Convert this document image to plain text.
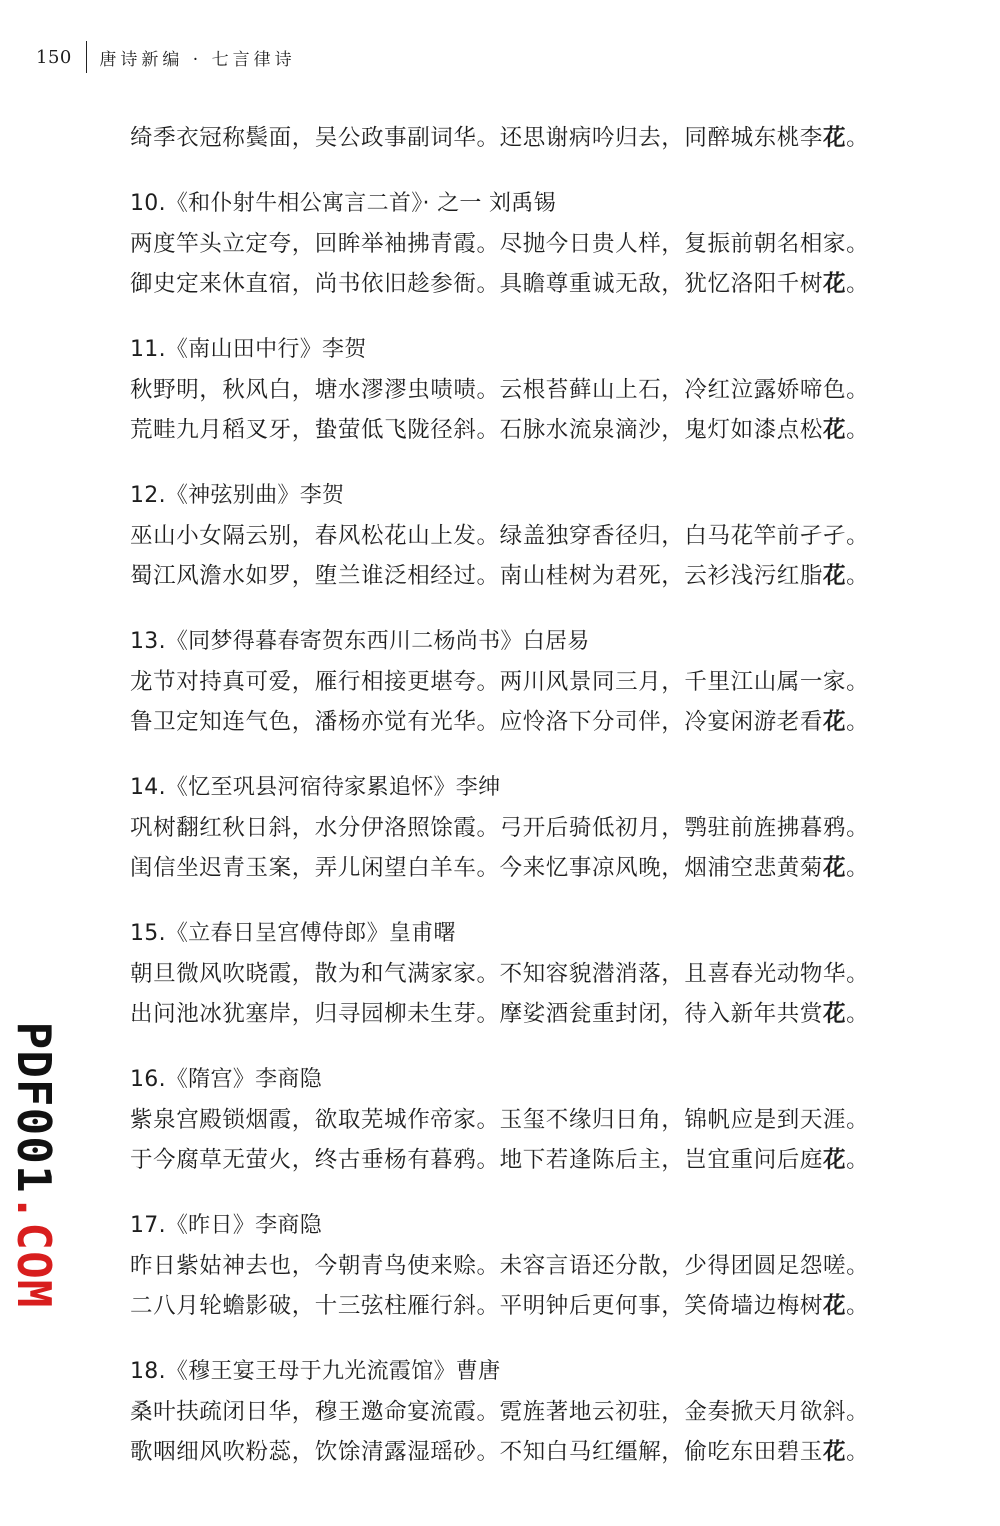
150 唐诗新编 · 七言律诗
绮季衣冠称鬓面，吴公政事副词华。还思谢病吟归去，同醉城东桃李花。
10.《和仆射牛相公寓言二首》· 之一 刘禹锡
两度竿头立定夸，回眸举袖拂青霞。尽抛今日贵人样，复振前朝名相家。
御史定来休直宿，尚书依旧趁参衙。具瞻尊重诚无敌，犹忆洛阳千树花。
11.《南山田中行》李贺
秋野明，秋风白，塘水漻漻虫啧啧。云根苔藓山上石，冷红泣露娇啼色。
荒畦九月稻叉牙，蛰萤低飞陇径斜。石脉水流泉滴沙，鬼灯如漆点松花。
12.《神弦别曲》李贺
巫山小女隔云别，春风松花山上发。绿盖独穿香径归，白马花竿前孑孑。
蜀江风澹水如罗，堕兰谁泛相经过。南山桂树为君死，云衫浅污红脂花。
13.《同梦得暮春寄贺东西川二杨尚书》白居易
龙节对持真可爱，雁行相接更堪夸。两川风景同三月，千里江山属一家。
鲁卫定知连气色，潘杨亦觉有光华。应怜洛下分司伴，冷宴闲游老看花。
14.《忆至巩县河宿待家累追怀》李绅
巩树翻红秋日斜，水分伊洛照馀霞。弓开后骑低初月，鹗驻前旌拂暮鸦。
闺信坐迟青玉案，弄儿闲望白羊车。今来忆事凉风晚，烟浦空悲黄菊花。
15.《立春日呈宫傅侍郎》皇甫曙
朝旦微风吹晓霞，散为和气满家家。不知容貌潜消落，且喜春光动物华。
出问池冰犹塞岸，归寻园柳未生芽。摩娑酒瓮重封闭，待入新年共赏花。
16.《隋宫》李商隐
紫泉宫殿锁烟霞，欲取芜城作帝家。玉玺不缘归日角，锦帆应是到天涯。
于今腐草无萤火，终古垂杨有暮鸦。地下若逢陈后主，岂宜重问后庭花。
17.《昨日》李商隐
昨日紫姑神去也，今朝青鸟使来赊。未容言语还分散，少得团圆足怨嗟。
二八月轮蟾影破，十三弦柱雁行斜。平明钟后更何事，笑倚墙边梅树花。
18.《穆王宴王母于九光流霞馆》曹唐
桑叶扶疏闭日华，穆王邀命宴流霞。霓旌著地云初驻，金奏掀天月欲斜。
歌咽细风吹粉蕊，饮馀清露湿瑶砂。不知白马红缰解，偷吃东田碧玉花。
PDF001.COM
